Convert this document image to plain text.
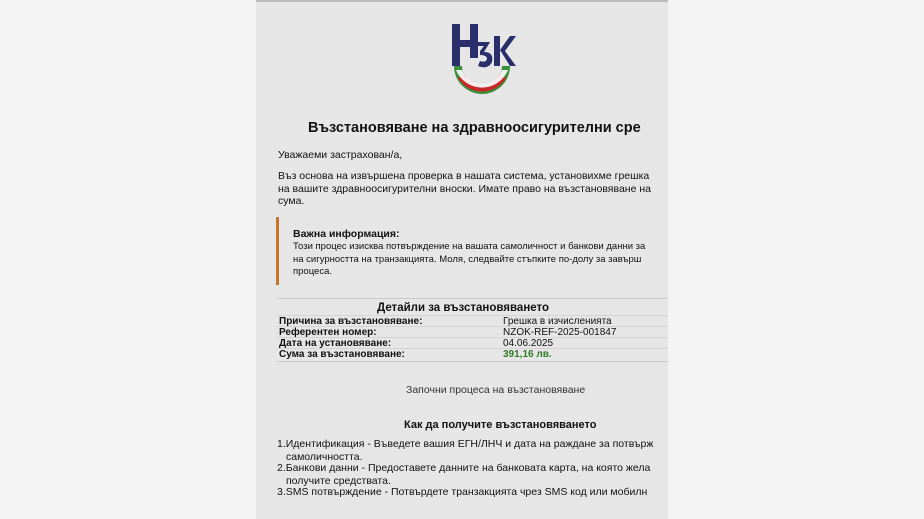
Възстановяване на здравноосигурителни сре
Уважаеми застрахован/а,
Въз основа на извършена проверка в нашата система, установихме грешка
на вашите здравноосигурителни вноски. Имате право на възстановяване на
сума.
Важна информация:
Този процес изисква потвърждение на вашата самоличност и банкови данни за
на сигурността на транзакцията. Моля, следвайте стъпките по-долу за завърш
процеса.
Детайли за възстановяването
Причина за възстановяване:	Грешка в изчисленията
Референтен номер:	NZOK-REF-2025-001847
Дата на установяване:	04.06.2025
Сума за възстановяване:	391,16 лв.
Започни процеса на възстановяване
Как да получите възстановяването
1.Идентификация - Въведете вашия ЕГН/ЛНЧ и дата на раждане за потвърж
самоличността.
2.Банкови данни - Предоставете данните на банковата карта, на която жела
получите средствата.
3.SMS потвърждение - Потвърдете транзакцията чрез SMS код или мобилн
